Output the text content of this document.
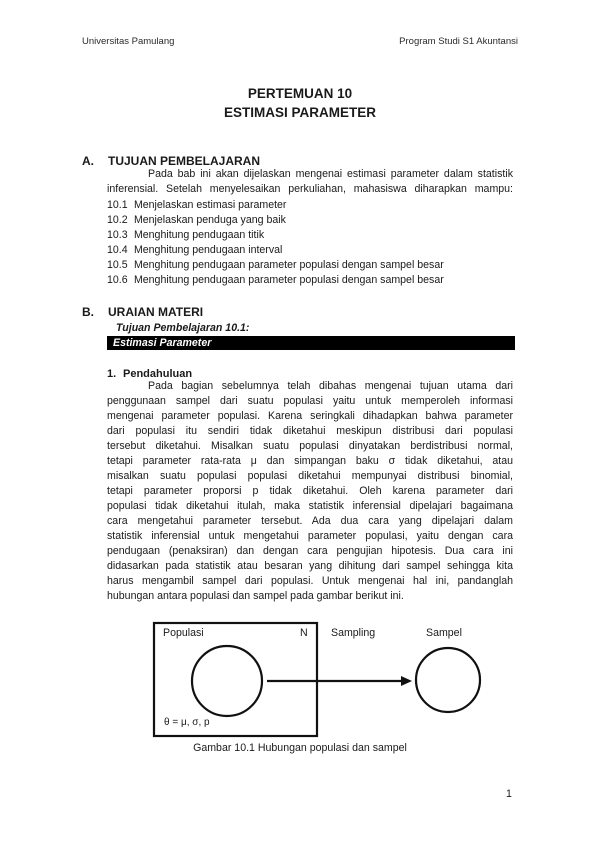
Universitas Pamulang	Program Studi S1 Akuntansi
PERTEMUAN 10
ESTIMASI PARAMETER
A. TUJUAN PEMBELAJARAN
Pada bab ini akan dijelaskan mengenai estimasi parameter dalam statistik
inferensial. Setelah menyelesaikan perkuliahan, mahasiswa diharapkan mampu:
10.1 Menjelaskan estimasi parameter
10.2 Menjelaskan penduga yang baik
10.3 Menghitung pendugaan titik
10.4 Menghitung pendugaan interval
10.5 Menghitung pendugaan parameter populasi dengan sampel besar
10.6 Menghitung pendugaan parameter populasi dengan sampel besar
B. URAIAN MATERI
Tujuan Pembelajaran 10.1:
Estimasi Parameter
1. Pendahuluan
Pada bagian sebelumnya telah dibahas mengenai tujuan utama dari
penggunaan sampel dari suatu populasi yaitu untuk memperoleh informasi
mengenai parameter populasi. Karena seringkali dihadapkan bahwa parameter
dari populasi itu sendiri tidak diketahui meskipun distribusi dari populasi
tersebut diketahui. Misalkan suatu populasi dinyatakan berdistribusi normal,
tetapi parameter rata-rata μ dan simpangan baku σ tidak diketahui, atau
misalkan suatu populasi populasi diketahui mempunyai distribusi binomial,
tetapi parameter proporsi p tidak diketahui. Oleh karena parameter dari
populasi tidak diketahui itulah, maka statistik inferensial dipelajari bagaimana
cara mengetahui parameter tersebut. Ada dua cara yang dipelajari dalam
statistik inferensial untuk mengetahui parameter populasi, yaitu dengan cara
pendugaan (penaksiran) dan dengan cara pengujian hipotesis. Dua cara ini
didasarkan pada statistik atau besaran yang dihitung dari sampel sehingga kita
harus mengambil sampel dari populasi. Untuk mengenai hal ini, pandanglah
hubungan antara populasi dan sampel pada gambar berikut ini.
Populasi	N Sampling	Sampel
θ = μ, σ, p
Gambar 10.1 Hubungan populasi dan sampel
1
